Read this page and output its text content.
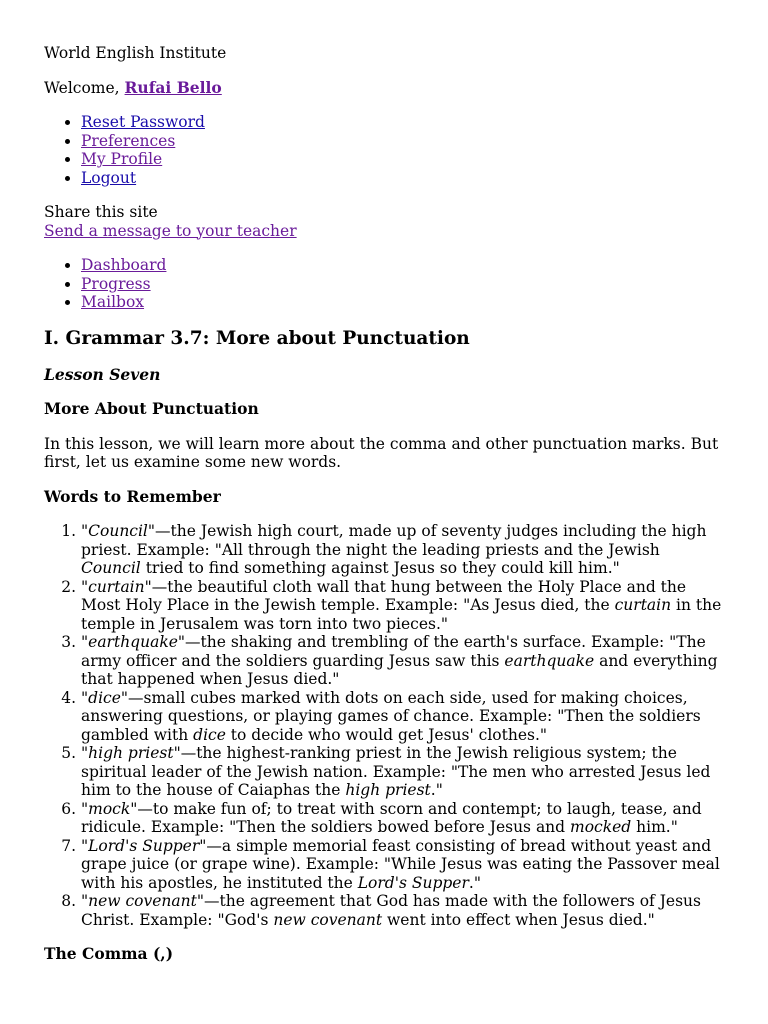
World English Institute

Welcome, Rufai Bello

• Reset Password
• Preferences
• My Profile
• Logout

Share this site

Send a message to your teacher
• Dashboard
• Progress
• Mailbox
I. Grammar 3.7: More about Punctuation

Lesson Seven

More About Punctuation

In this lesson, we will learn more about the comma and other punctuation marks. But first, let us examine some new words.

Words to Remember

1. "Council"—the Jewish high court, made up of seventy judges including the high priest. Example: "All through the night the leading priests and the Jewish Council tried to find something against Jesus so they could kill him."
2. "curtain"—the beautiful cloth wall that hung between the Holy Place and the Most Holy Place in the Jewish temple. Example: "As Jesus died, the curtain in the temple in Jerusalem was torn into two pieces."
3. "earthquake"—the shaking and trembling of the earth's surface. Example: "The army officer and the soldiers guarding Jesus saw this earthquake and everything that happened when Jesus died."
4. "dice"—small cubes marked with dots on each side, used for making choices, answering questions, or playing games of chance. Example: "Then the soldiers gambled with dice to decide who would get Jesus' clothes."
5. "high priest"—the highest-ranking priest in the Jewish religious system; the spiritual leader of the Jewish nation. Example: "The men who arrested Jesus led him to the house of Caiaphas the high priest."
6. "mock"—to make fun of; to treat with scorn and contempt; to laugh, tease, and ridicule. Example: "Then the soldiers bowed before Jesus and mocked him."
7. "Lord's Supper"—a simple memorial feast consisting of bread without yeast and grape juice (or grape wine). Example: "While Jesus was eating the Passover meal with his apostles, he instituted the Lord's Supper."
8. "new covenant"—the agreement that God has made with the followers of Jesus Christ. Example: "God's new covenant went into effect when Jesus died."

The Comma (,)
